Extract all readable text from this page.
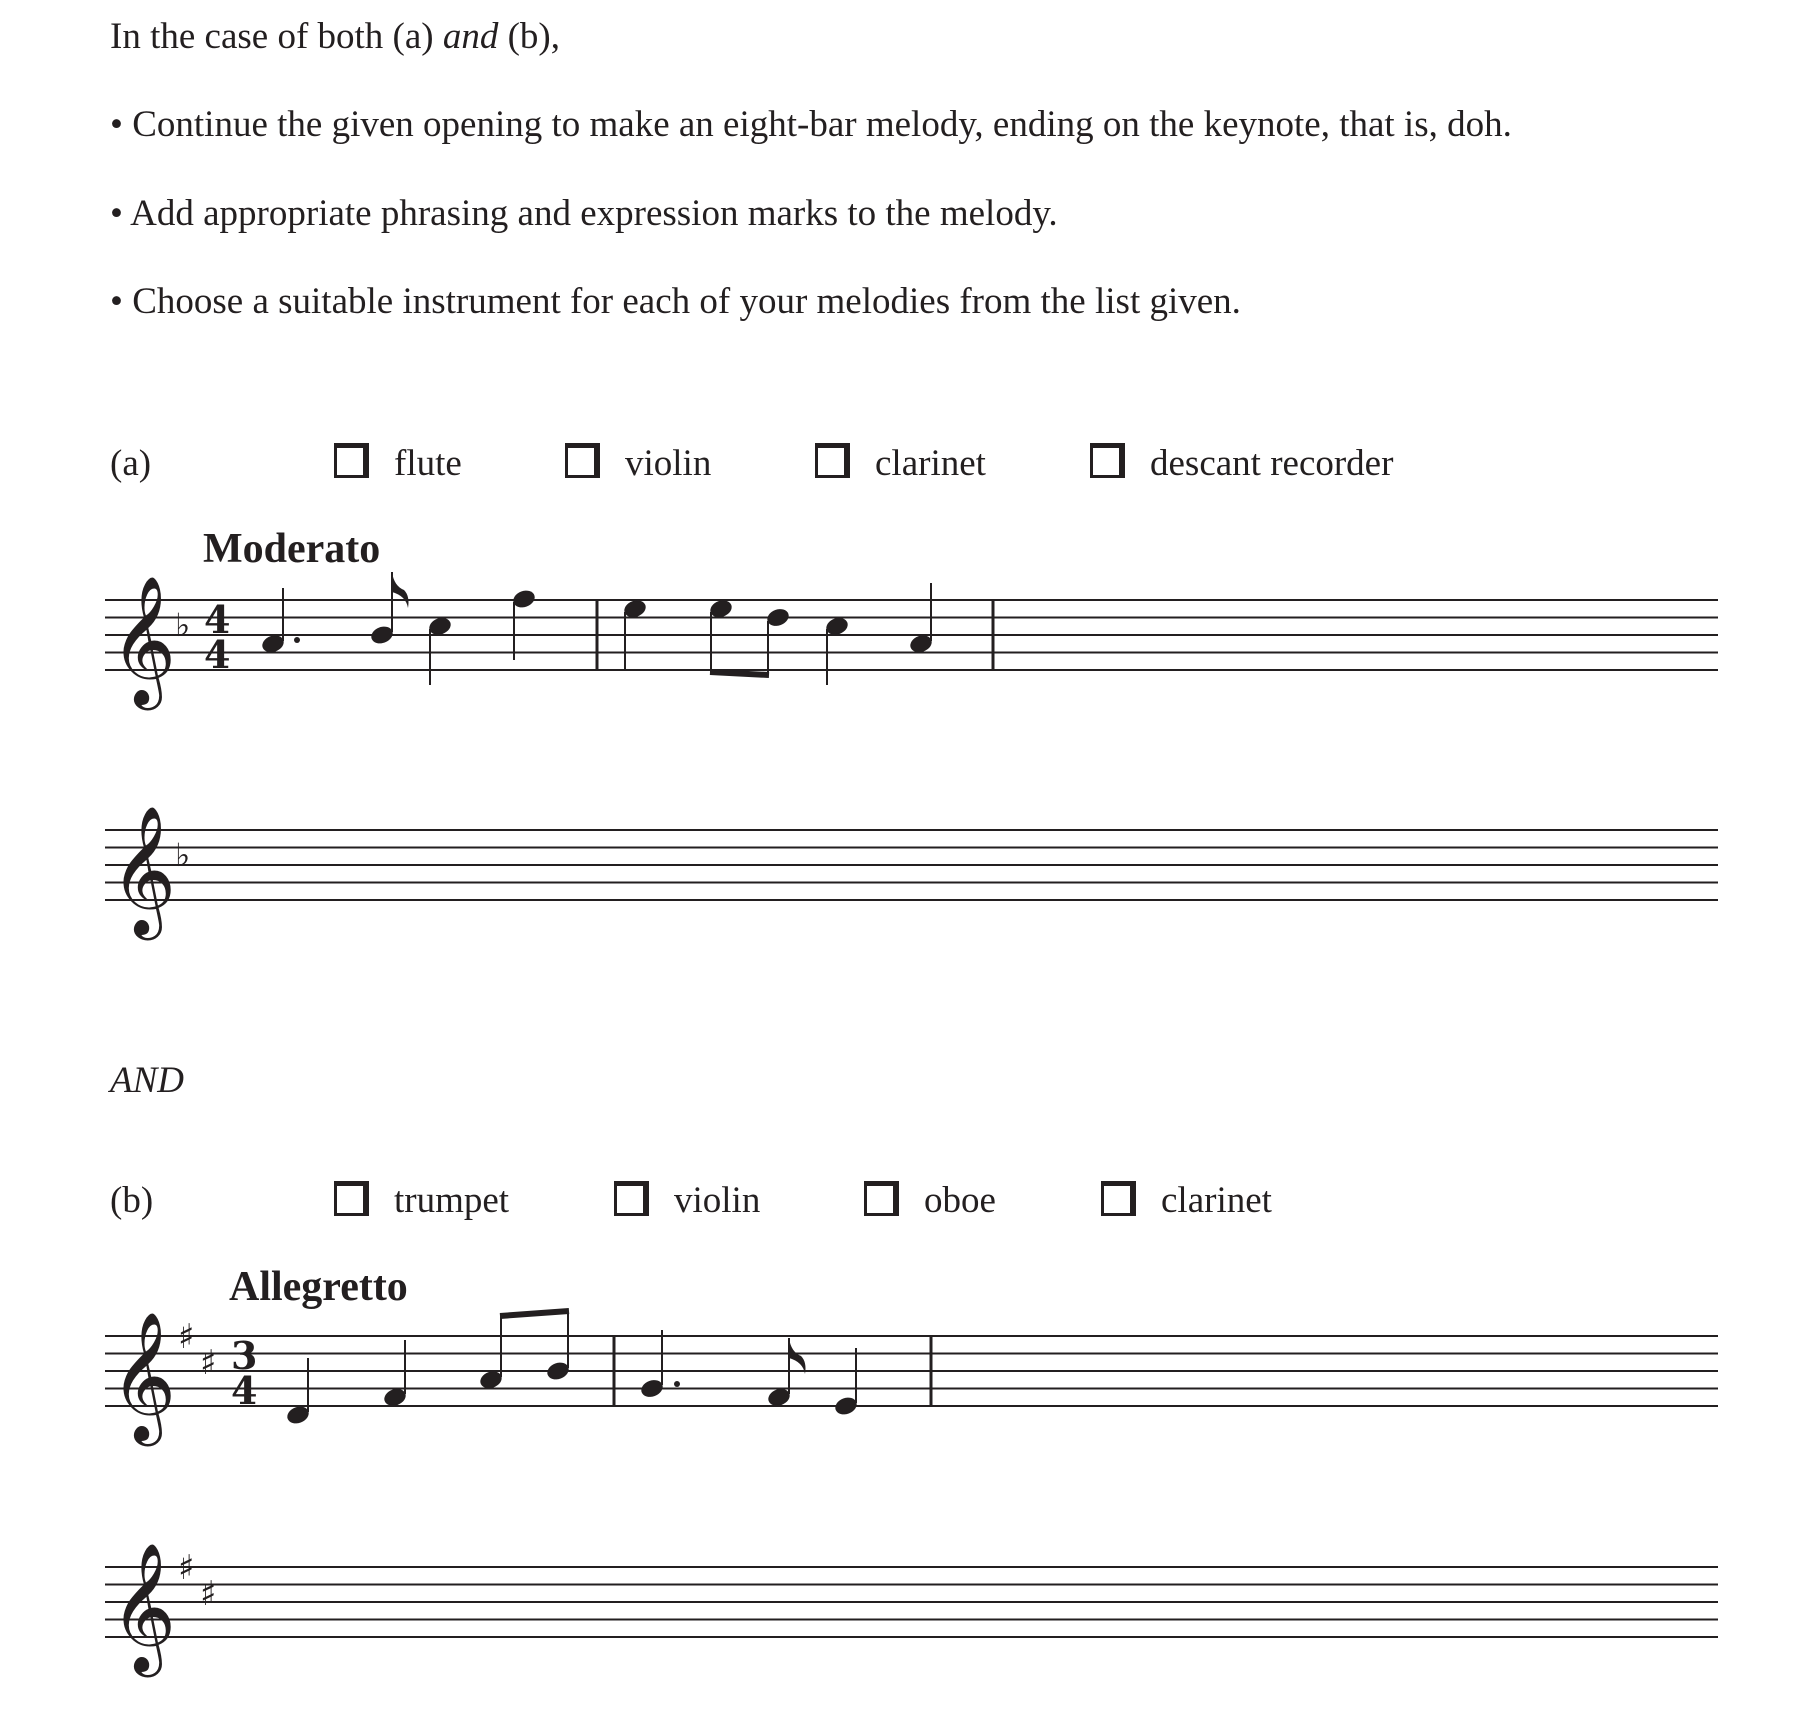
In the case of both (a) and (b),
• Continue the given opening to make an eight-bar melody, ending on the keynote, that is, doh.
• Add appropriate phrasing and expression marks to the melody.
• Choose a suitable instrument for each of your melodies from the list given.
(a)	flute	violin	clarinet	descant recorder
Moderato
𝄞
♭ 4
4
𝄞
♭
AND
(b)	trumpet	violin	oboe	clarinet
Allegretto
𝄞 ♯
♯ 3
4
𝄞 ♯
♯
